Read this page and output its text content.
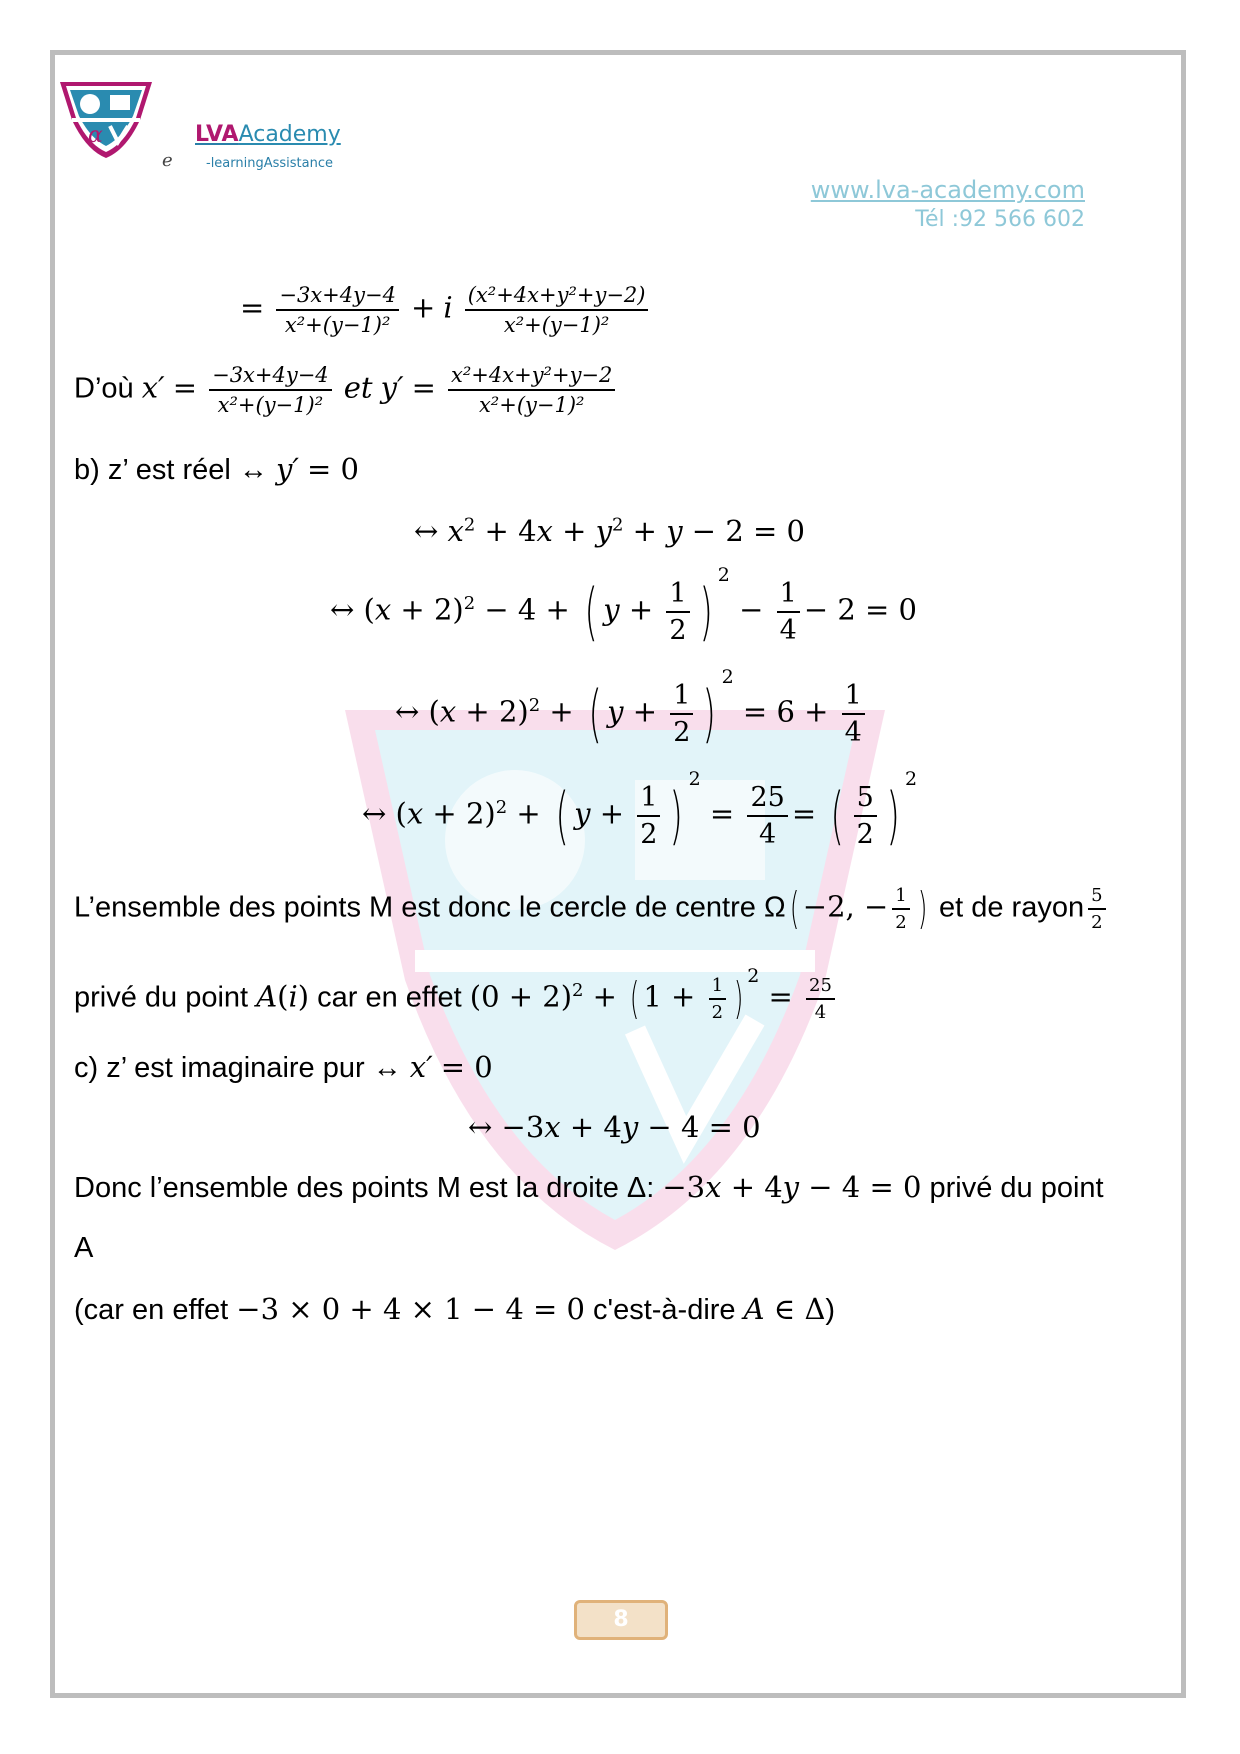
α	LVAAcademy
e	-learningAssistance
www.lva-academy.com
Tél :92 566 602
= $\frac{-3x+4y-4}{\text{x²+(y−1)²}} + i \frac{\text{(x²+4x+y²+y−2)}}{\text{x²+(y−1)²}}$
D’où $x' = \frac{-3x+4y-4}{\text{x²+(y−1)²}}$ et $y' = \frac{\text{x²+4x+y²+y−2}}{\text{x²+(y−1)²}}$
b) z’ est réel ↔ y′ = 0
↔ $x^2 + 4x + y^2 + y - 2 = 0$
↔ $(x + 2)^2 - 4$ + ( $y + \frac{1}{2}$ ) $2 - \frac{1}{4} - 2 = 0$
↔ $(x + 2)^2$ + ( $y + \frac{1}{2}$ ) $2 = 6 + \frac{1}{4}$
↔ $(x + 2)^2$ + ( $y + \frac{1}{2}$ ) $2 = \frac{25}{4}$ = ( $\frac{5}{2}$ ) 2
L’ensemble des points M est donc le cercle de centre Ω( −2, − $\frac{1}{2}$ ) et de rayon $\frac{5}{2}$
privé du point A(i) car en effet $(0 + 2)^2$ + ( $1 + \frac{1}{2}$ ) $2 = \frac{25}{4}$
c) z’ est imaginaire pur ↔ x′ = 0
↔ −3x + 4y − 4 = 0
Donc l’ensemble des points M est la droite Δ: −3x + 4y − 4 = 0 privé du point
A
(car en effet −3 × 0 + 4 × 1 − 4 = 0 c'est-à-dire A ∈ Δ)
8
